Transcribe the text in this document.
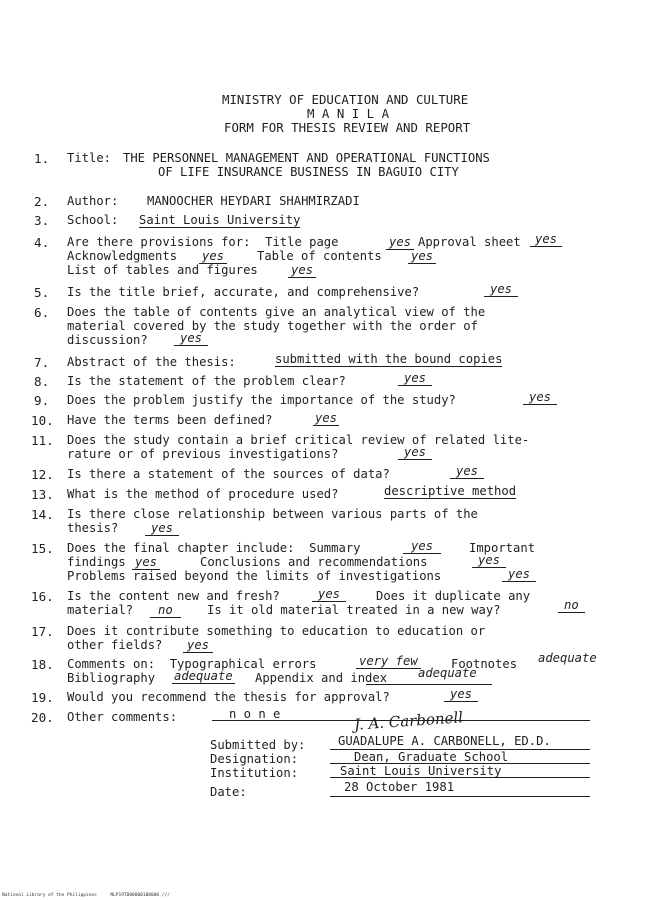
MINISTRY OF EDUCATION AND CULTURE
M A N I L A
FORM FOR THESIS REVIEW AND REPORT
1. Title: THE PERSONNEL MANAGEMENT AND OPERATIONAL FUNCTIONS
OF LIFE INSURANCE BUSINESS IN BAGUIO CITY
2. Author: MANOOCHER HEYDARI SHAHMIRZADI
3. School: Saint Louis University
4. Are there provisions for:  Title page	yes Approval sheet	yes
Acknowledgments yes	Table of contents yes
List of tables and figures	yes
5. Is the title brief, accurate, and comprehensive?	yes
6. Does the table of contents give an analytical view of the
material covered by the study together with the order of
discussion?	yes
7. Abstract of the thesis:	submitted with the bound copies
8. Is the statement of the problem clear?	yes
9. Does the problem justify the importance of the study?	yes
10. Have the terms been defined?	yes
11. Does the study contain a brief critical review of related lite-
rature or of previous investigations?	yes
12. Is there a statement of the sources of data?	yes
13. What is the method of procedure used?	descriptive method
14. Is there close relationship between various parts of the
thesis?	yes
15. Does the final chapter include:  Summary	yes	Important
findings yes	Conclusions and recommendations	yes
Problems raised beyond the limits of investigations	yes
16. Is the content new and fresh?	yes	Does it duplicate any
material?	no	Is it old material treated in a new way?	no
17. Does it contribute something to education to education or
other fields?	yes
18. Comments on:  Typographical errors	very few	Footnotes adequate
Bibliography adequate Appendix and index	adequate
19. Would you recommend the thesis for approval?	yes
20. Other comments:	n o n e	J. A. Carbonell
Submitted by:	GUADALUPE A. CARBONELL, ED.D.
Designation:	Dean, Graduate School
Institution:	Saint Louis University
Date:	28 October 1981
National Library of the Philippines     NLP19TD00000100000 ///
